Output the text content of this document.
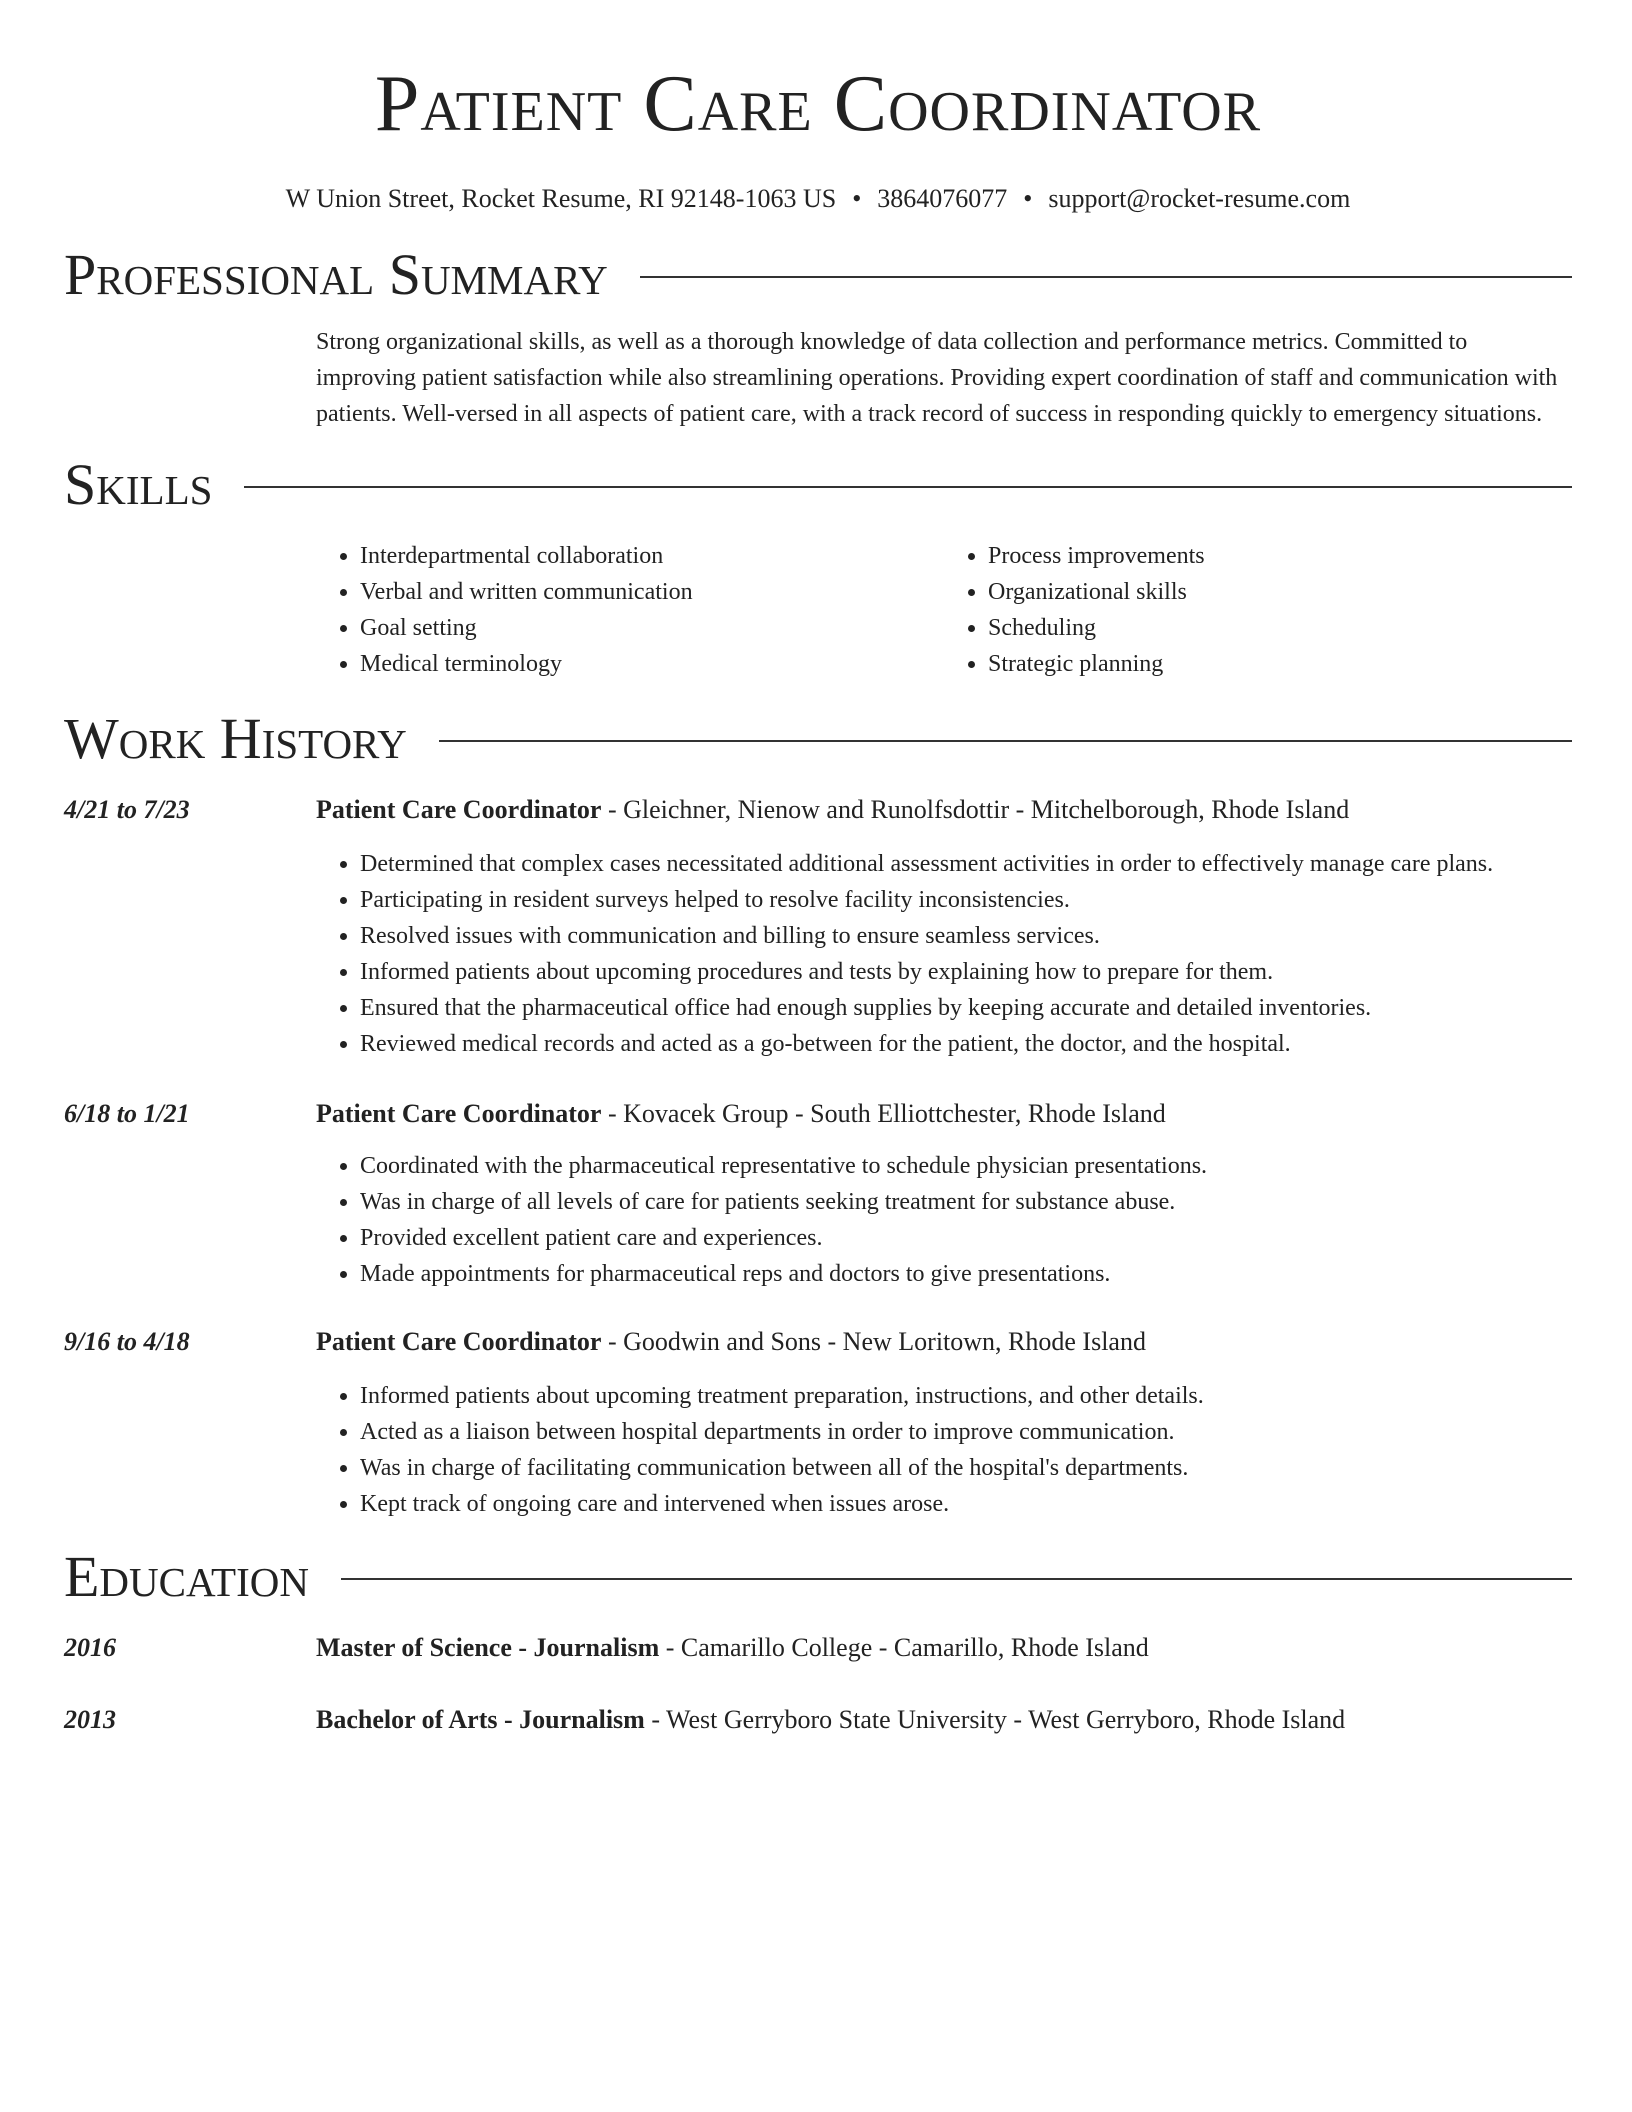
Patient Care Coordinator
W Union Street, Rocket Resume, RI 92148-1063 US • 3864076077 • support@rocket-resume.com
Professional Summary

Strong organizational skills, as well as a thorough knowledge of data collection and performance metrics. Committed to improving patient satisfaction while also streamlining operations. Providing expert coordination of staff and communication with patients. Well-versed in all aspects of patient care, with a track record of success in responding quickly to emergency situations.

Skills
• Interdepartmental collaboration
• Verbal and written communication
• Goal setting
• Medical terminology
• Process improvements
• Organizational skills
• Scheduling
• Strategic planning
Work History
4/21 to 7/23	Patient Care Coordinator - Gleichner, Nienow and Runolfsdottir - Mitchelborough, Rhode Island
• Determined that complex cases necessitated additional assessment activities in order to effectively manage care plans.
• Participating in resident surveys helped to resolve facility inconsistencies.
• Resolved issues with communication and billing to ensure seamless services.
• Informed patients about upcoming procedures and tests by explaining how to prepare for them.
• Ensured that the pharmaceutical office had enough supplies by keeping accurate and detailed inventories.
• Reviewed medical records and acted as a go-between for the patient, the doctor, and the hospital.
6/18 to 1/21	Patient Care Coordinator - Kovacek Group - South Elliottchester, Rhode Island
• Coordinated with the pharmaceutical representative to schedule physician presentations.
• Was in charge of all levels of care for patients seeking treatment for substance abuse.
• Provided excellent patient care and experiences.
• Made appointments for pharmaceutical reps and doctors to give presentations.
9/16 to 4/18	Patient Care Coordinator - Goodwin and Sons - New Loritown, Rhode Island
• Informed patients about upcoming treatment preparation, instructions, and other details.
• Acted as a liaison between hospital departments in order to improve communication.
• Was in charge of facilitating communication between all of the hospital's departments.
• Kept track of ongoing care and intervened when issues arose.
Education
2016	Master of Science - Journalism - Camarillo College - Camarillo, Rhode Island
2013	Bachelor of Arts - Journalism - West Gerryboro State University - West Gerryboro, Rhode Island
